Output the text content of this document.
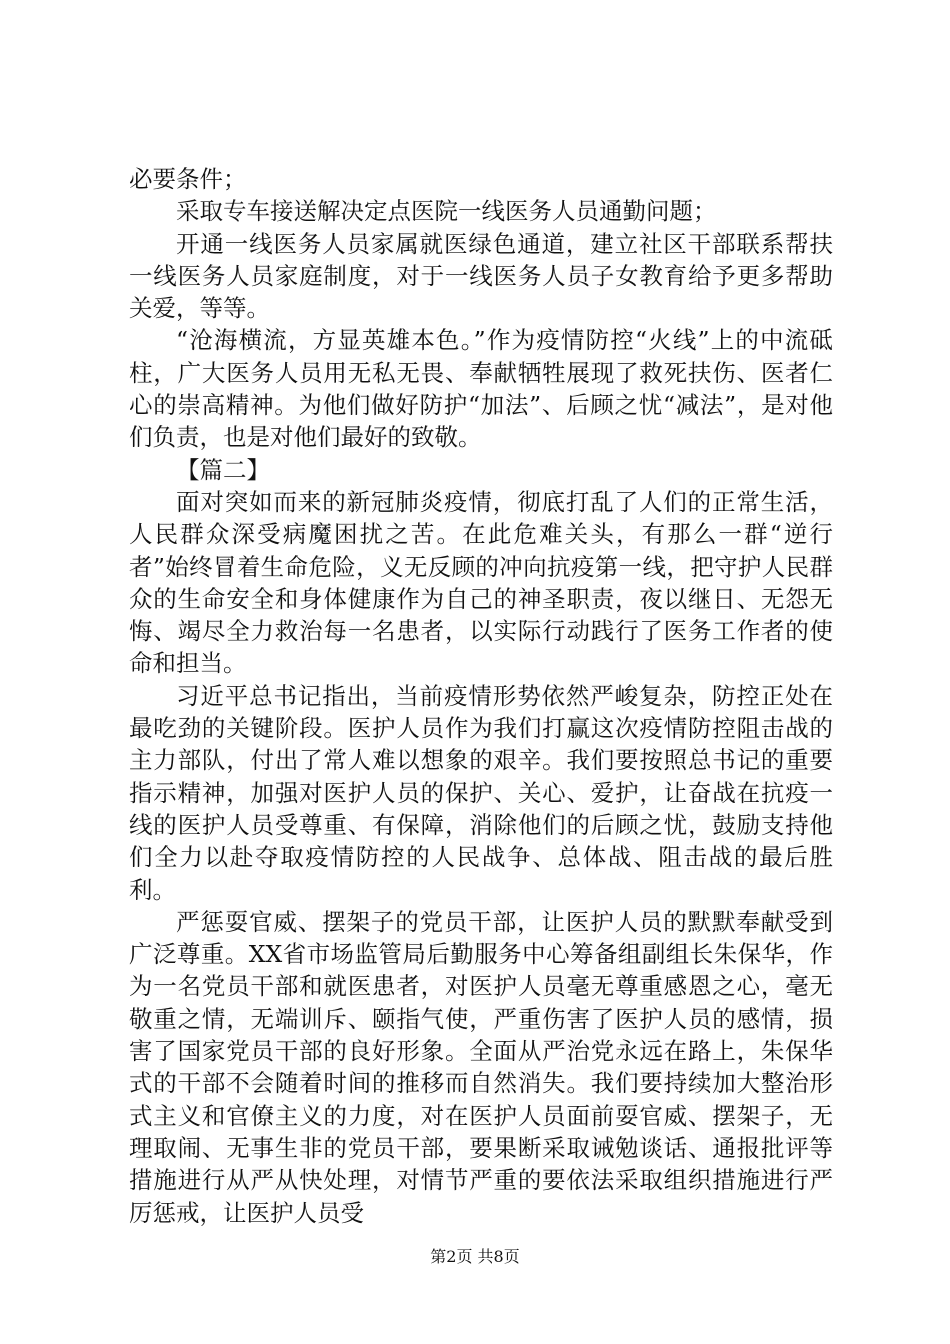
必要条件；

采取专车接送解决定点医院一线医务人员通勤问题；

开通一线医务人员家属就医绿色通道，建立社区干部联系帮扶一线医务人员家庭制度，对于一线医务人员子女教育给予更多帮助关爱，等等。

“沧海横流，方显英雄本色。”作为疫情防控“火线”上的中流砥柱，广大医务人员用无私无畏、奉献牺牲展现了救死扶伤、医者仁心的崇高精神。为他们做好防护“加法”、后顾之忧“减法”，是对他们负责，也是对他们最好的致敬。

【篇二】

面对突如而来的新冠肺炎疫情，彻底打乱了人们的正常生活，人民群众深受病魔困扰之苦。在此危难关头，有那么一群“逆行者”始终冒着生命危险，义无反顾的冲向抗疫第一线，把守护人民群众的生命安全和身体健康作为自己的神圣职责，夜以继日、无怨无悔、竭尽全力救治每一名患者，以实际行动践行了医务工作者的使命和担当。

习近平总书记指出，当前疫情形势依然严峻复杂，防控正处在最吃劲的关键阶段。医护人员作为我们打赢这次疫情防控阻击战的主力部队，付出了常人难以想象的艰辛。我们要按照总书记的重要指示精神，加强对医护人员的保护、关心、爱护，让奋战在抗疫一线的医护人员受尊重、有保障，消除他们的后顾之忧，鼓励支持他们全力以赴夺取疫情防控的人民战争、总体战、阻击战的最后胜利。

严惩耍官威、摆架子的党员干部，让医护人员的默默奉献受到广泛尊重。XX省市场监管局后勤服务中心筹备组副组长朱保华，作为一名党员干部和就医患者，对医护人员毫无尊重感恩之心，毫无敬重之情，无端训斥、颐指气使，严重伤害了医护人员的感情，损害了国家党员干部的良好形象。全面从严治党永远在路上，朱保华式的干部不会随着时间的推移而自然消失。我们要持续加大整治形式主义和官僚主义的力度，对在医护人员面前耍官威、摆架子，无理取闹、无事生非的党员干部，要果断采取诫勉谈话、通报批评等措施进行从严从快处理，对情节严重的要依法采取组织措施进行严厉惩戒，让医护人员受

第2页 共8页
